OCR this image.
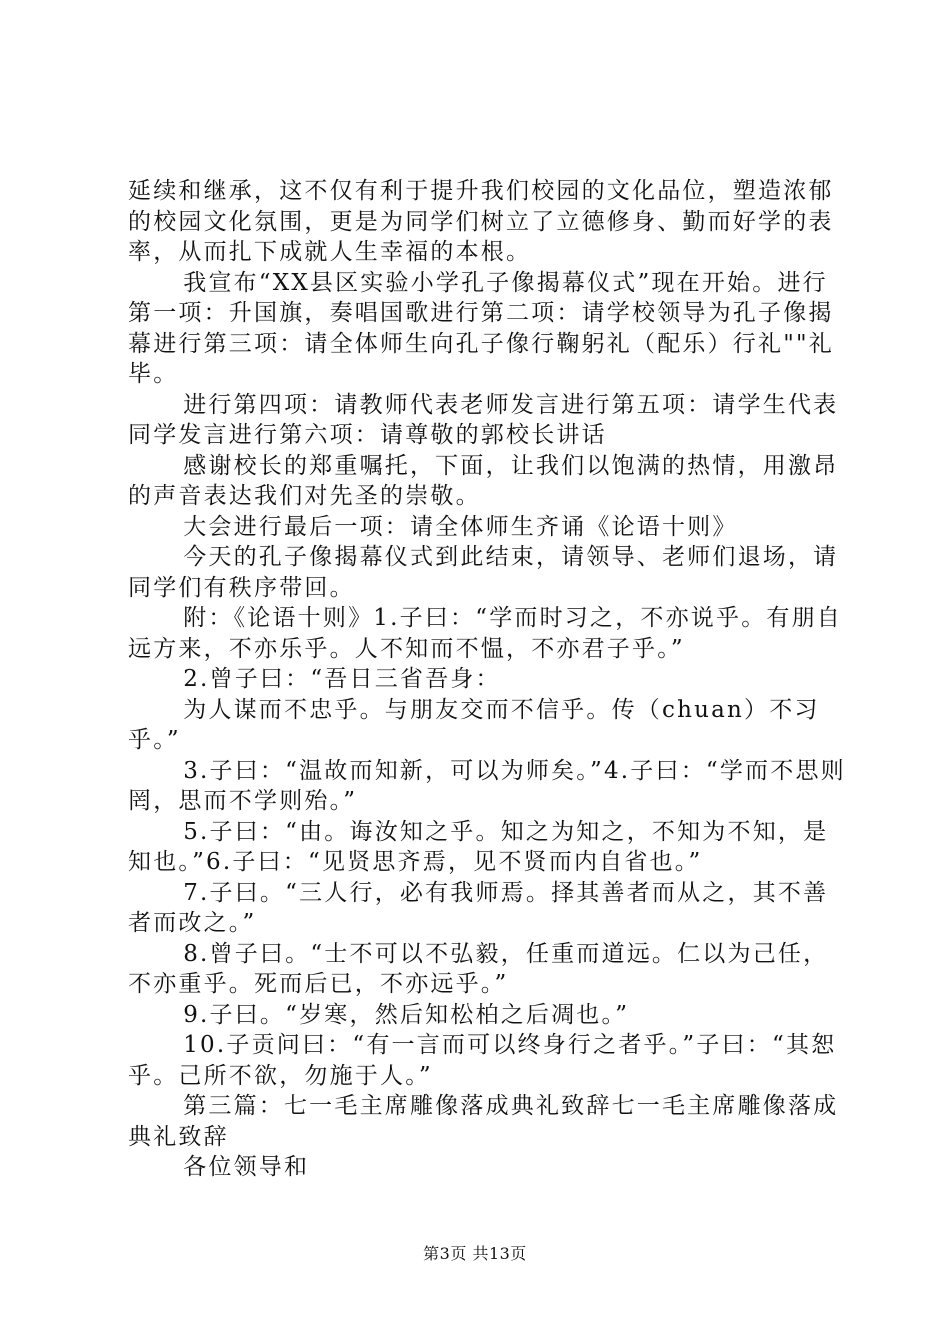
延续和继承，这不仅有利于提升我们校园的文化品位，塑造浓郁的校园文化氛围，更是为同学们树立了立德修身、勤而好学的表率，从而扎下成就人生幸福的本根。

我宣布“XX县区实验小学孔子像揭幕仪式”现在开始。进行第一项：升国旗，奏唱国歌进行第二项：请学校领导为孔子像揭幕进行第三项：请全体师生向孔子像行鞠躬礼（配乐）行礼""礼毕。

进行第四项：请教师代表老师发言进行第五项：请学生代表同学发言进行第六项：请尊敬的郭校长讲话

感谢校长的郑重嘱托，下面，让我们以饱满的热情，用激昂的声音表达我们对先圣的崇敬。

大会进行最后一项：请全体师生齐诵《论语十则》

今天的孔子像揭幕仪式到此结束，请领导、老师们退场，请同学们有秩序带回。

附：《论语十则》1.子曰：“学而时习之，不亦说乎。有朋自远方来，不亦乐乎。人不知而不愠，不亦君子乎。”

2.曾子曰：“吾日三省吾身：

为人谋而不忠乎。与朋友交而不信乎。传（chuan）不习乎。”

3.子曰：“温故而知新，可以为师矣。”4.子曰：“学而不思则罔，思而不学则殆。”

5.子曰：“由。诲汝知之乎。知之为知之，不知为不知，是知也。”6.子曰：“见贤思齐焉，见不贤而内自省也。”

7.子曰。“三人行，必有我师焉。择其善者而从之，其不善者而改之。”

8.曾子曰。“士不可以不弘毅，任重而道远。仁以为己任，不亦重乎。死而后已，不亦远乎。”

9.子曰。“岁寒，然后知松柏之后凋也。”

10.子贡问曰：“有一言而可以终身行之者乎。”子曰：“其恕乎。己所不欲，勿施于人。”

第三篇：七一毛主席雕像落成典礼致辞七一毛主席雕像落成典礼致辞

各位领导和

第3页 共13页
